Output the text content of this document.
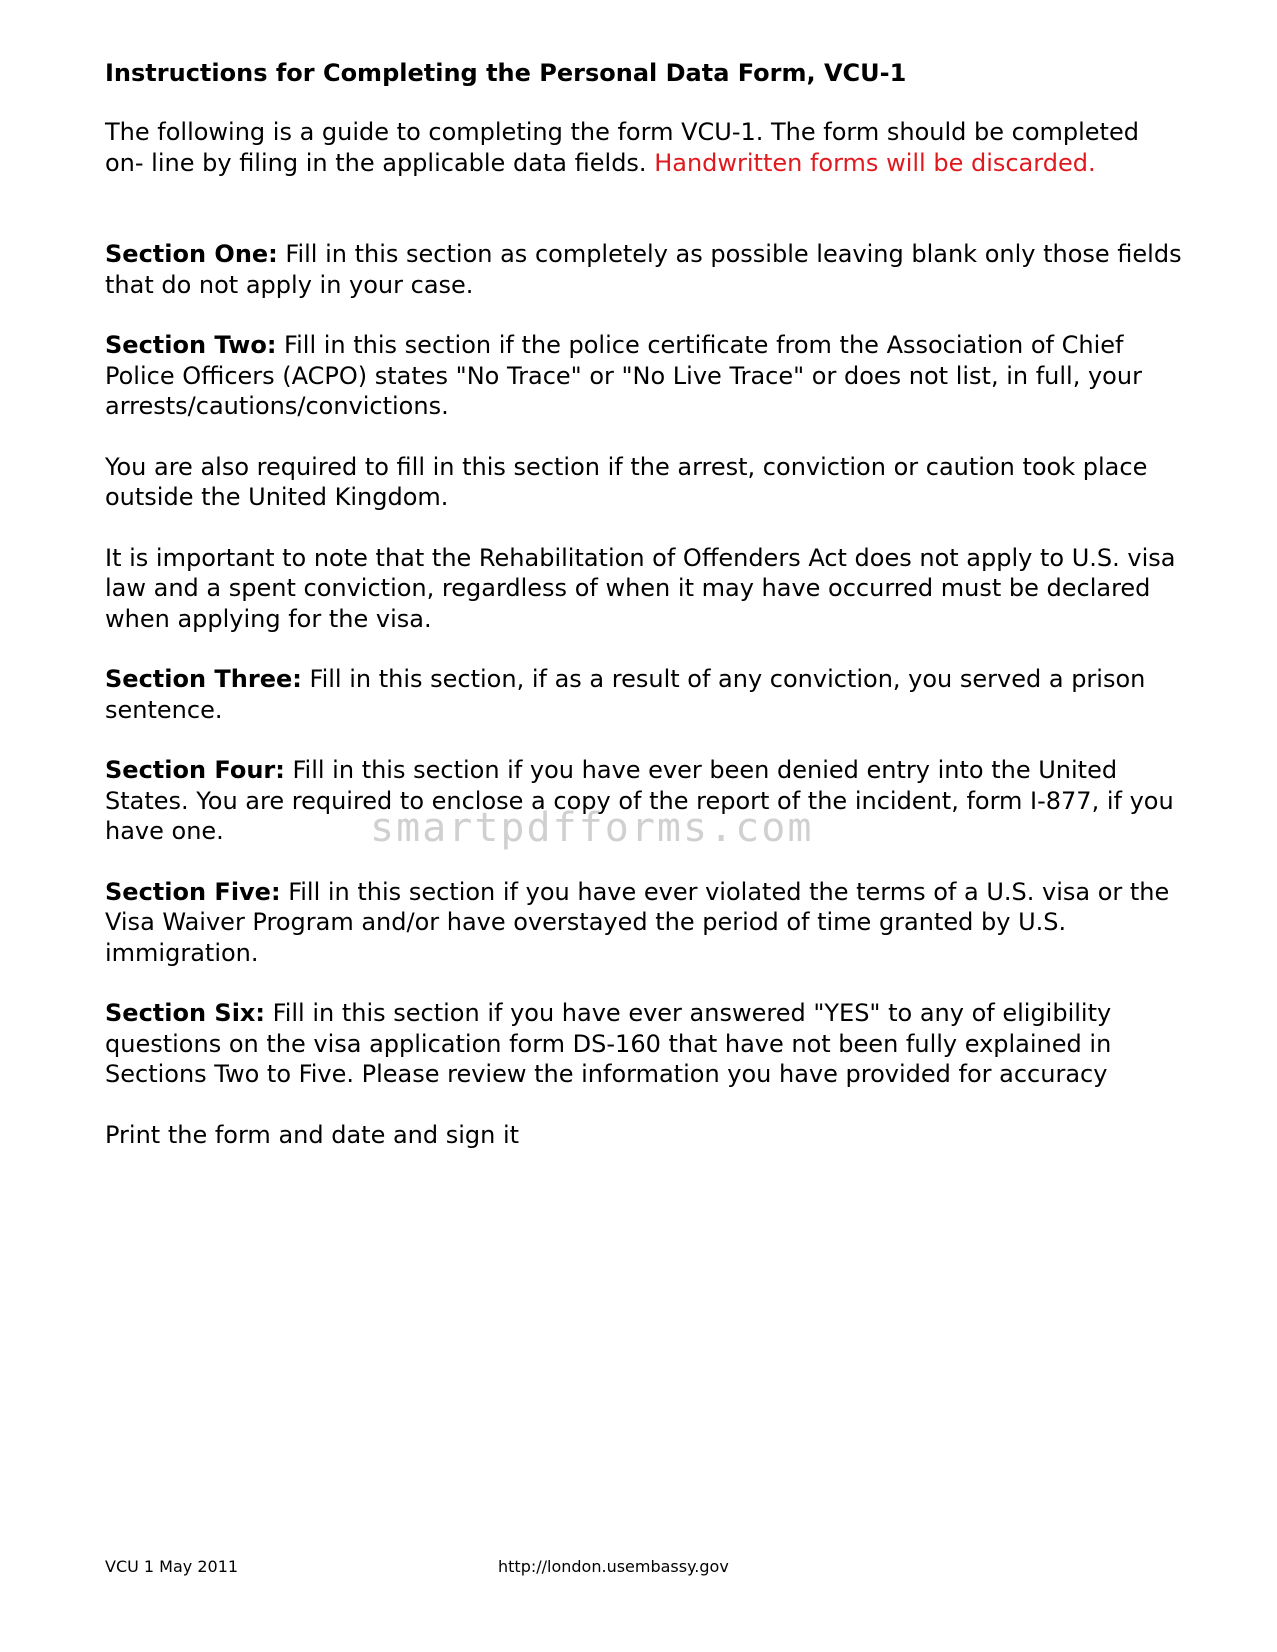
Instructions for Completing the Personal Data Form, VCU-1
The following is a guide to completing the form VCU-1. The form should be completed on- line by filing in the applicable data fields. Handwritten forms will be discarded.
Section One: Fill in this section as completely as possible leaving blank only those fields that do not apply in your case.
Section Two: Fill in this section if the police certificate from the Association of Chief Police Officers (ACPO) states "No Trace" or "No Live Trace" or does not list, in full, your arrests/cautions/convictions.
You are also required to fill in this section if the arrest, conviction or caution took place outside the United Kingdom.
It is important to note that the Rehabilitation of Offenders Act does not apply to U.S. visa law and a spent conviction, regardless of when it may have occurred must be declared when applying for the visa.
Section Three: Fill in this section, if as a result of any conviction, you served a prison sentence.
Section Four: Fill in this section if you have ever been denied entry into the United States. You are required to enclose a copy of the report of the incident, form I-877, if you have one.
Section Five: Fill in this section if you have ever violated the terms of a U.S. visa or the Visa Waiver Program and/or have overstayed the period of time granted by U.S. immigration.
Section Six: Fill in this section if you have ever answered "YES" to any of eligibility questions on the visa application form DS-160 that have not been fully explained in Sections Two to Five. Please review the information you have provided for accuracy
Print the form and date and sign it
smartpdfforms.com
VCU 1 May 2011	http://london.usembassy.gov
